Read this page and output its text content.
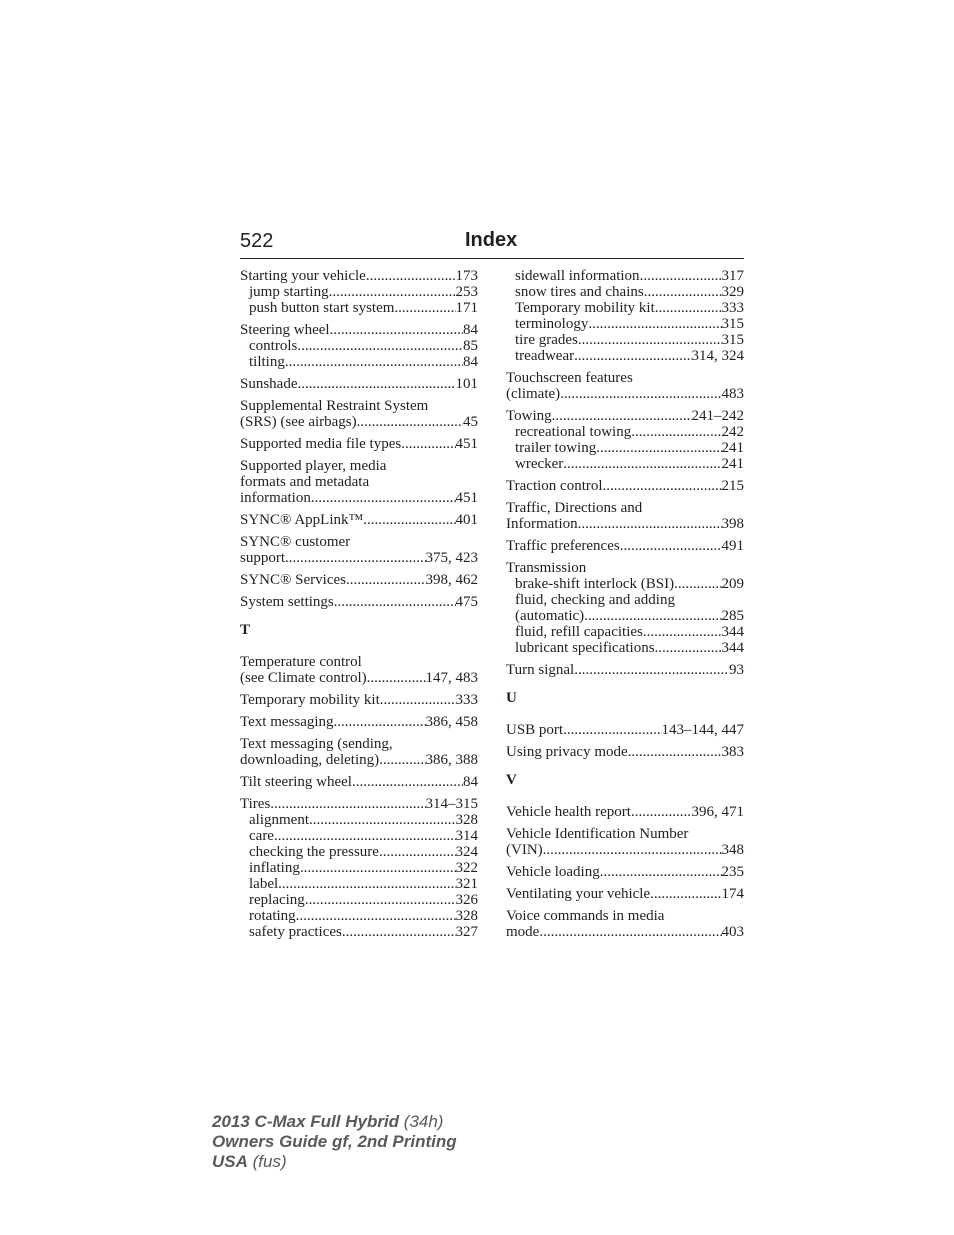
522	Index
Starting your vehicle .....	173
jump starting .....	253
push button start system .....	171
Steering wheel .....	84
controls .....	85
tilting .....	84
Sunshade .....	101
Supplemental Restraint System
(SRS) (see airbags) .....	45
Supported media file types .....	451
Supported player, media
formats and metadata
information .....	451
SYNC® AppLink™ .....	401
SYNC® customer
support .....	375, 423
SYNC® Services .....	398, 462
System settings .....	475
T
Temperature control
(see Climate control) .....	147, 483
Temporary mobility kit .....	333
Text messaging .....	386, 458
Text messaging (sending,
downloading, deleting) .....	386, 388
Tilt steering wheel .....	84
Tires .....	314–315
alignment .....	328
care .....	314
checking the pressure .....	324
inflating .....	322
label .....	321
replacing .....	326
rotating .....	328
safety practices .....	327
sidewall information .....	317
snow tires and chains .....	329
Temporary mobility kit .....	333
terminology .....	315
tire grades .....	315
treadwear .....	314, 324
Touchscreen features
(climate) .....	483
Towing .....	241–242
recreational towing .....	242
trailer towing .....	241
wrecker .....	241
Traction control .....	215
Traffic, Directions and
Information .....	398
Traffic preferences .....	491
Transmission
brake-shift interlock (BSI) .....	209
fluid, checking and adding
(automatic) .....	285
fluid, refill capacities .....	344
lubricant specifications .....	344
Turn signal .....	93
U
USB port .....	143–144, 447
Using privacy mode .....	383
V
Vehicle health report .....	396, 471
Vehicle Identification Number
(VIN) .....	348
Vehicle loading .....	235
Ventilating your vehicle .....	174
Voice commands in media
mode .....	403
2013 C-Max Full Hybrid (34h)
Owners Guide gf, 2nd Printing
USA (fus)
